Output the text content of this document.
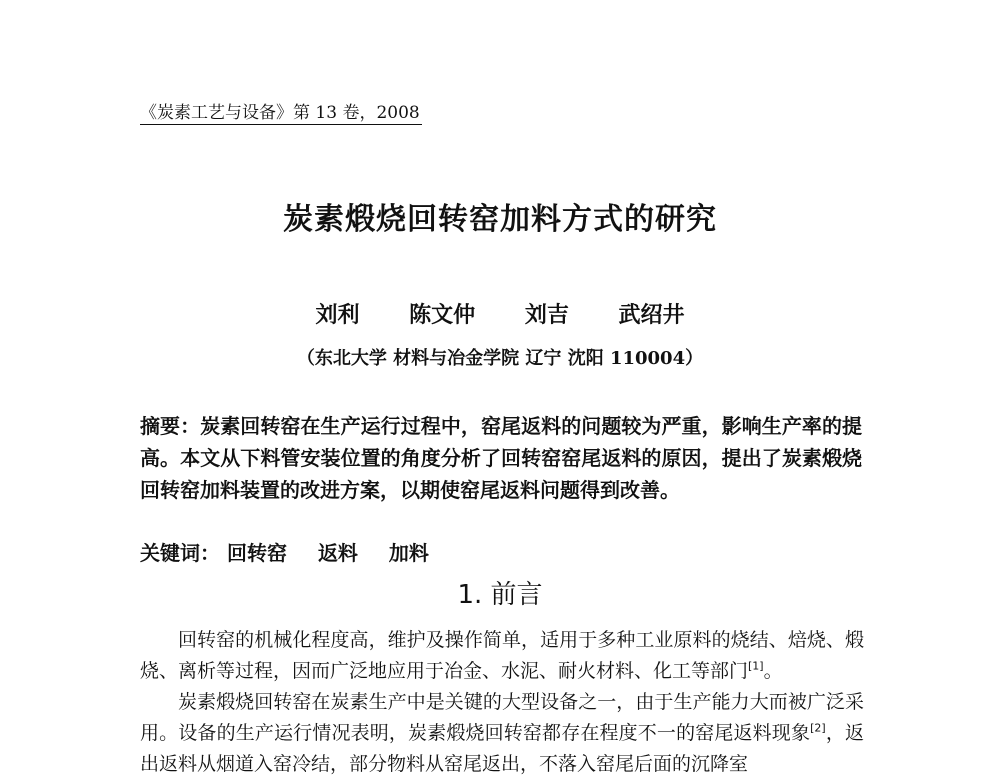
《炭素工艺与设备》第 13 卷，2008
炭素煅烧回转窑加料方式的研究
刘利 陈文仲 刘吉 武绍井
（东北大学 材料与冶金学院 辽宁 沈阳 110004）
摘要：炭素回转窑在生产运行过程中，窑尾返料的问题较为严重，影响生产率的提高。本文从下料管安装位置的角度分析了回转窑窑尾返料的原因，提出了炭素煅烧回转窑加料装置的改进方案，以期使窑尾返料问题得到改善。
关键词： 回转窑 返料 加料
1. 前言

回转窑的机械化程度高，维护及操作简单，适用于多种工业原料的烧结、焙烧、煅烧、离析等过程，因而广泛地应用于冶金、水泥、耐火材料、化工等部门[1]。

炭素煅烧回转窑在炭素生产中是关键的大型设备之一，由于生产能力大而被广泛采用。设备的生产运行情况表明，炭素煅烧回转窑都存在程度不一的窑尾返料现象[2]，返出返料从烟道入窑冷结，部分物料从窑尾返出，不落入窑尾后面的沉降室
